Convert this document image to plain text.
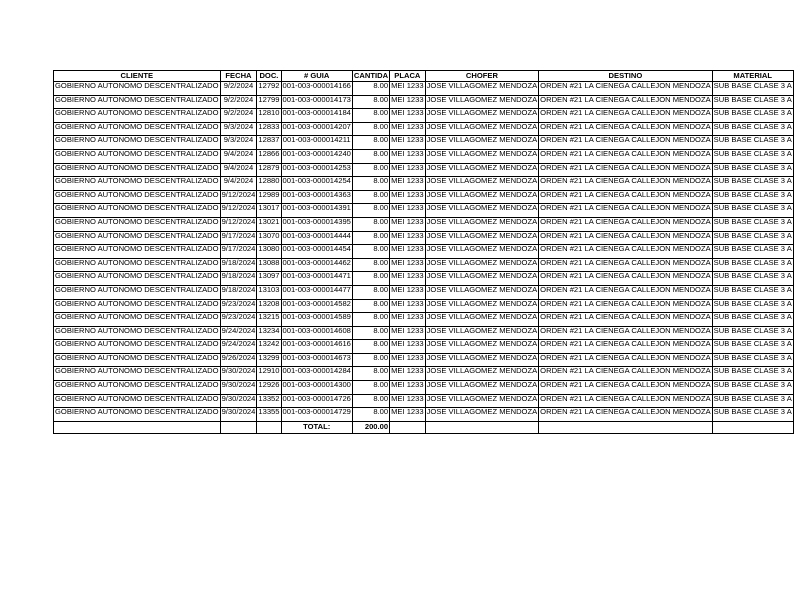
CLIENTE	FECHA	DOC.	# GUIA	CANTIDA	PLACA	CHOFER	DESTINO	MATERIAL
GOBIERNO AUTONOMO DESCENTRALIZADO	9/2/2024	12792	001-003-000014166	8.00	MEI 1233	JOSE VILLAGOMEZ MENDOZA	ORDEN #21 LA CIENEGA CALLEJON MENDOZA	SUB BASE CLASE 3 A
GOBIERNO AUTONOMO DESCENTRALIZADO	9/2/2024	12799	001-003-000014173	8.00	MEI 1233	JOSE VILLAGOMEZ MENDOZA	ORDEN #21 LA CIENEGA CALLEJON MENDOZA	SUB BASE CLASE 3 A
GOBIERNO AUTONOMO DESCENTRALIZADO	9/2/2024	12810	001-003-000014184	8.00	MEI 1233	JOSE VILLAGOMEZ MENDOZA	ORDEN #21 LA CIENEGA CALLEJON MENDOZA	SUB BASE CLASE 3 A
GOBIERNO AUTONOMO DESCENTRALIZADO	9/3/2024	12833	001-003-000014207	8.00	MEI 1233	JOSE VILLAGOMEZ MENDOZA	ORDEN #21 LA CIENEGA CALLEJON MENDOZA	SUB BASE CLASE 3 A
GOBIERNO AUTONOMO DESCENTRALIZADO	9/3/2024	12837	001-003-000014211	8.00	MEI 1233	JOSE VILLAGOMEZ MENDOZA	ORDEN #21 LA CIENEGA CALLEJON MENDOZA	SUB BASE CLASE 3 A
GOBIERNO AUTONOMO DESCENTRALIZADO	9/4/2024	12866	001-003-000014240	8.00	MEI 1233	JOSE VILLAGOMEZ MENDOZA	ORDEN #21 LA CIENEGA CALLEJON MENDOZA	SUB BASE CLASE 3 A
GOBIERNO AUTONOMO DESCENTRALIZADO	9/4/2024	12879	001-003-000014253	8.00	MEI 1233	JOSE VILLAGOMEZ MENDOZA	ORDEN #21 LA CIENEGA CALLEJON MENDOZA	SUB BASE CLASE 3 A
GOBIERNO AUTONOMO DESCENTRALIZADO	9/4/2024	12880	001-003-000014254	8.00	MEI 1233	JOSE VILLAGOMEZ MENDOZA	ORDEN #21 LA CIENEGA CALLEJON MENDOZA	SUB BASE CLASE 3 A
GOBIERNO AUTONOMO DESCENTRALIZADO	9/12/2024	12989	001-003-000014363	8.00	MEI 1233	JOSE VILLAGOMEZ MENDOZA	ORDEN #21 LA CIENEGA CALLEJON MENDOZA	SUB BASE CLASE 3 A
GOBIERNO AUTONOMO DESCENTRALIZADO	9/12/2024	13017	001-003-000014391	8.00	MEI 1233	JOSE VILLAGOMEZ MENDOZA	ORDEN #21 LA CIENEGA CALLEJON MENDOZA	SUB BASE CLASE 3 A
GOBIERNO AUTONOMO DESCENTRALIZADO	9/12/2024	13021	001-003-000014395	8.00	MEI 1233	JOSE VILLAGOMEZ MENDOZA	ORDEN #21 LA CIENEGA CALLEJON MENDOZA	SUB BASE CLASE 3 A
GOBIERNO AUTONOMO DESCENTRALIZADO	9/17/2024	13070	001-003-000014444	8.00	MEI 1233	JOSE VILLAGOMEZ MENDOZA	ORDEN #21 LA CIENEGA CALLEJON MENDOZA	SUB BASE CLASE 3 A
GOBIERNO AUTONOMO DESCENTRALIZADO	9/17/2024	13080	001-003-000014454	8.00	MEI 1233	JOSE VILLAGOMEZ MENDOZA	ORDEN #21 LA CIENEGA CALLEJON MENDOZA	SUB BASE CLASE 3 A
GOBIERNO AUTONOMO DESCENTRALIZADO	9/18/2024	13088	001-003-000014462	8.00	MEI 1233	JOSE VILLAGOMEZ MENDOZA	ORDEN #21 LA CIENEGA CALLEJON MENDOZA	SUB BASE CLASE 3 A
GOBIERNO AUTONOMO DESCENTRALIZADO	9/18/2024	13097	001-003-000014471	8.00	MEI 1233	JOSE VILLAGOMEZ MENDOZA	ORDEN #21 LA CIENEGA CALLEJON MENDOZA	SUB BASE CLASE 3 A
GOBIERNO AUTONOMO DESCENTRALIZADO	9/18/2024	13103	001-003-000014477	8.00	MEI 1233	JOSE VILLAGOMEZ MENDOZA	ORDEN #21 LA CIENEGA CALLEJON MENDOZA	SUB BASE CLASE 3 A
GOBIERNO AUTONOMO DESCENTRALIZADO	9/23/2024	13208	001-003-000014582	8.00	MEI 1233	JOSE VILLAGOMEZ MENDOZA	ORDEN #21 LA CIENEGA CALLEJON MENDOZA	SUB BASE CLASE 3 A
GOBIERNO AUTONOMO DESCENTRALIZADO	9/23/2024	13215	001-003-000014589	8.00	MEI 1233	JOSE VILLAGOMEZ MENDOZA	ORDEN #21 LA CIENEGA CALLEJON MENDOZA	SUB BASE CLASE 3 A
GOBIERNO AUTONOMO DESCENTRALIZADO	9/24/2024	13234	001-003-000014608	8.00	MEI 1233	JOSE VILLAGOMEZ MENDOZA	ORDEN #21 LA CIENEGA CALLEJON MENDOZA	SUB BASE CLASE 3 A
GOBIERNO AUTONOMO DESCENTRALIZADO	9/24/2024	13242	001-003-000014616	8.00	MEI 1233	JOSE VILLAGOMEZ MENDOZA	ORDEN #21 LA CIENEGA CALLEJON MENDOZA	SUB BASE CLASE 3 A
GOBIERNO AUTONOMO DESCENTRALIZADO	9/26/2024	13299	001-003-000014673	8.00	MEI 1233	JOSE VILLAGOMEZ MENDOZA	ORDEN #21 LA CIENEGA CALLEJON MENDOZA	SUB BASE CLASE 3 A
GOBIERNO AUTONOMO DESCENTRALIZADO	9/30/2024	12910	001-003-000014284	8.00	MEI 1233	JOSE VILLAGOMEZ MENDOZA	ORDEN #21 LA CIENEGA CALLEJON MENDOZA	SUB BASE CLASE 3 A
GOBIERNO AUTONOMO DESCENTRALIZADO	9/30/2024	12926	001-003-000014300	8.00	MEI 1233	JOSE VILLAGOMEZ MENDOZA	ORDEN #21 LA CIENEGA CALLEJON MENDOZA	SUB BASE CLASE 3 A
GOBIERNO AUTONOMO DESCENTRALIZADO	9/30/2024	13352	001-003-000014726	8.00	MEI 1233	JOSE VILLAGOMEZ MENDOZA	ORDEN #21 LA CIENEGA CALLEJON MENDOZA	SUB BASE CLASE 3 A
GOBIERNO AUTONOMO DESCENTRALIZADO	9/30/2024	13355	001-003-000014729	8.00	MEI 1233	JOSE VILLAGOMEZ MENDOZA	ORDEN #21 LA CIENEGA CALLEJON MENDOZA	SUB BASE CLASE 3 A
			TOTAL:	200.00				
